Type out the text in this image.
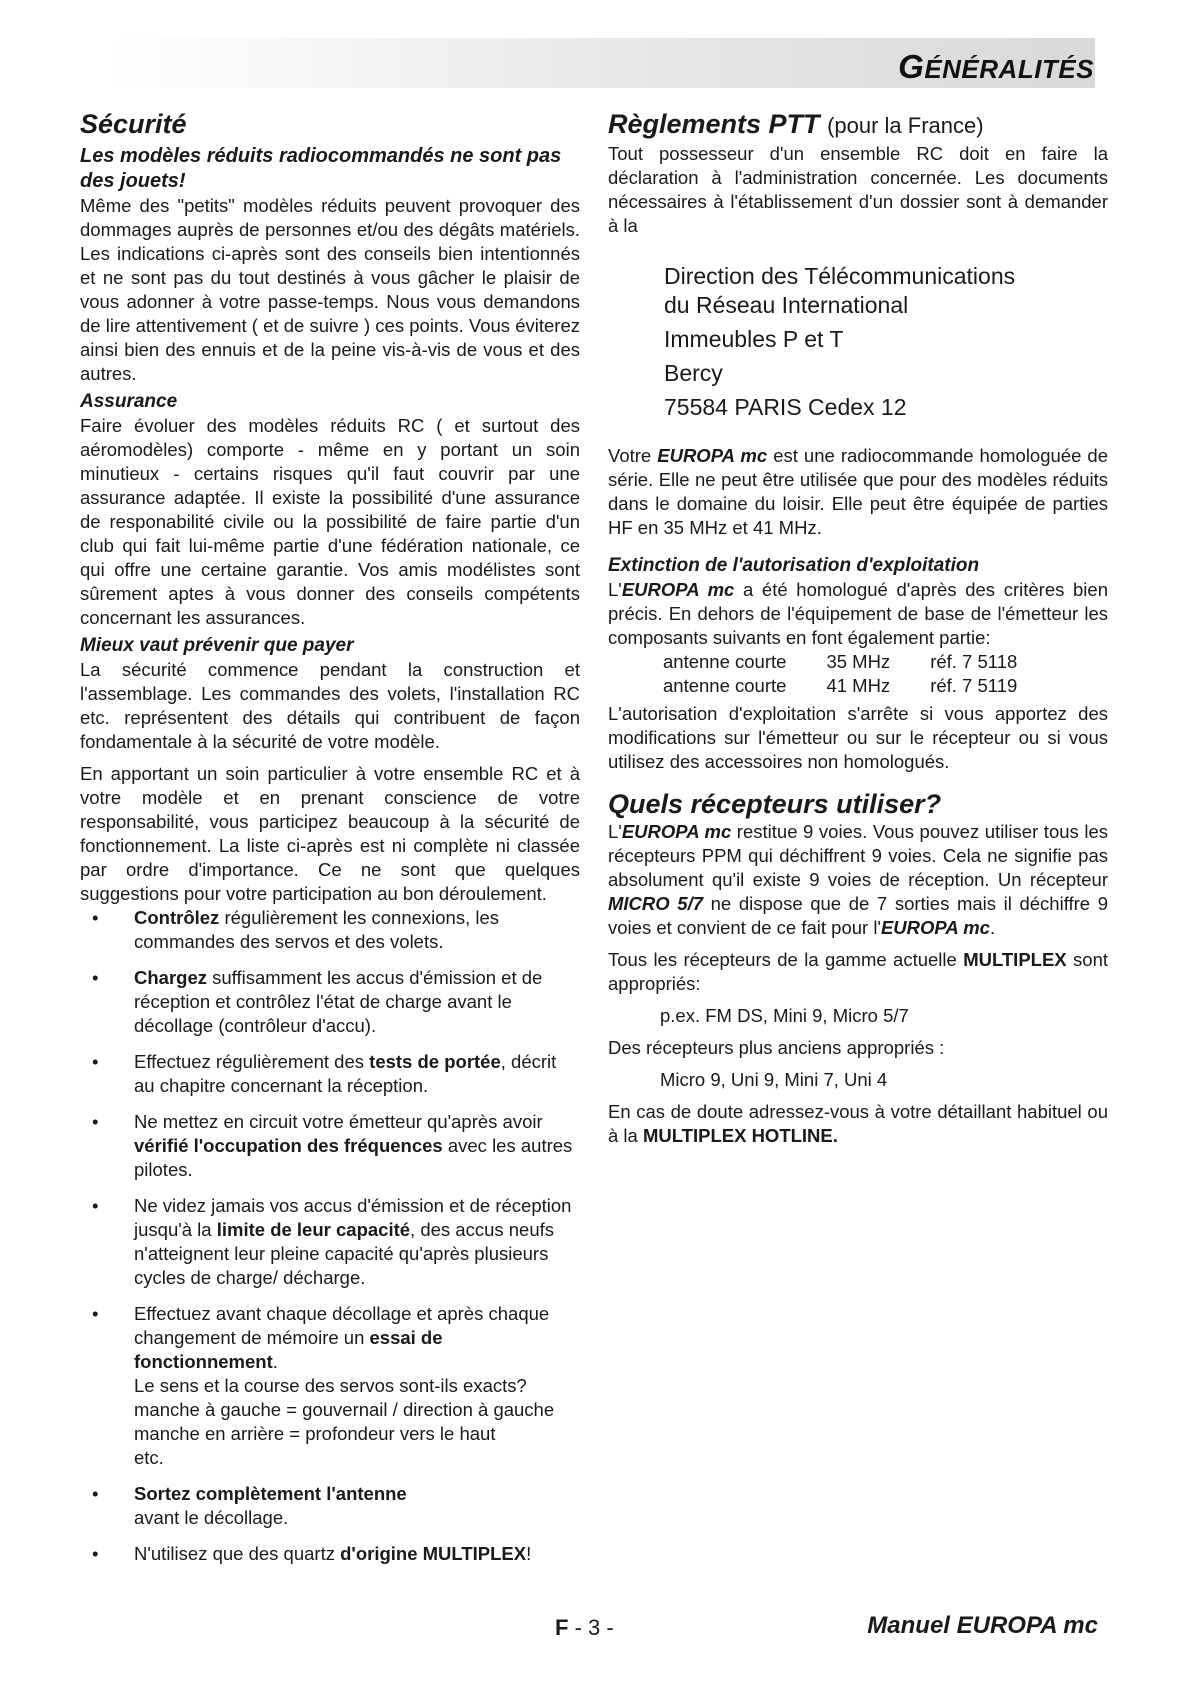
GÉNÉRALITÉS
Sécurité
Les modèles réduits radiocommandés ne sont pas des jouets!

Même des "petits" modèles réduits peuvent provoquer des dommages auprès de personnes et/ou des dégâts matériels. Les indications ci-après sont des conseils bien intentionnés et ne sont pas du tout destinés à vous gâcher le plaisir de vous adonner à votre passe-temps. Nous vous demandons de lire attentivement ( et de suivre ) ces points. Vous éviterez ainsi bien des ennuis et de la peine vis-à-vis de vous et des autres.

Assurance

Faire évoluer des modèles réduits RC ( et surtout des aéromodèles) comporte - même en y portant un soin minutieux - certains risques qu'il faut couvrir par une assurance adaptée. Il existe la possibilité d'une assurance de responabilité civile ou la possibilité de faire partie d'un club qui fait lui-même partie d'une fédération nationale, ce qui offre une certaine garantie. Vos amis modélistes sont sûrement aptes à vous donner des conseils compétents concernant les assurances.

Mieux vaut prévenir que payer

La sécurité commence pendant la construction et l'assemblage. Les commandes des volets, l'installation RC etc. représentent des détails qui contribuent de façon fondamentale à la sécurité de votre modèle.

En apportant un soin particulier à votre ensemble RC et à votre modèle et en prenant conscience de votre responsabilité, vous participez beaucoup à la sécurité de fonctionnement. La liste ci-après est ni complète ni classée par ordre d'importance. Ce ne sont que quelques suggestions pour votre participation au bon déroulement.

• Contrôlez régulièrement les connexions, les commandes des servos et des volets.
• Chargez suffisamment les accus d'émission et de réception et contrôlez l'état de charge avant le décollage (contrôleur d'accu).
• Effectuez régulièrement des tests de portée, décrit au chapitre concernant la réception.
• Ne mettez en circuit votre émetteur qu'après avoir vérifié l'occupation des fréquences avec les autres pilotes.
• Ne videz jamais vos accus d'émission et de réception jusqu'à la limite de leur capacité, des accus neufs n'atteignent leur pleine capacité qu'après plusieurs cycles de charge/ décharge.
• Effectuez avant chaque décollage et après chaque changement de mémoire un essai de fonctionnement.
Le sens et la course des servos sont-ils exacts?
manche à gauche = gouvernail / direction à gauche
manche en arrière = profondeur vers le haut
etc.
• Sortez complètement l'antenne
avant le décollage.
• N'utilisez que des quartz d'origine MULTIPLEX!
Règlements PTT (pour la France)

Tout possesseur d'un ensemble RC doit en faire la déclaration à l'administration concernée. Les documents nécessaires à l'établissement d'un dossier sont à demander à la

Direction des Télécommunications
du Réseau International
Immeubles P et T
Bercy
75584 PARIS Cedex 12

Votre EUROPA mc est une radiocommande homologuée de série. Elle ne peut être utilisée que pour des modèles réduits dans le domaine du loisir. Elle peut être équipée de parties HF en 35 MHz et 41 MHz.

Extinction de l'autorisation d'exploitation

L'EUROPA mc a été homologué d'après des critères bien précis. En dehors de l'équipement de base de l'émetteur les composants suivants en font également partie:

antenne courte	35 MHz	réf. 7 5118
antenne courte	41 MHz	réf. 7 5119

L'autorisation d'exploitation s'arrête si vous apportez des modifications sur l'émetteur ou sur le récepteur ou si vous utilisez des accessoires non homologués.

Quels récepteurs utiliser?

L'EUROPA mc restitue 9 voies. Vous pouvez utiliser tous les récepteurs PPM qui déchiffrent 9 voies. Cela ne signifie pas absolument qu'il existe 9 voies de réception. Un récepteur MICRO 5/7 ne dispose que de 7 sorties mais il déchiffre 9 voies et convient de ce fait pour l'EUROPA mc.

Tous les récepteurs de la gamme actuelle MULTIPLEX sont appropriés:

p.ex. FM DS, Mini 9, Micro 5/7

Des récepteurs plus anciens appropriés :

Micro 9, Uni 9, Mini 7, Uni 4

En cas de doute adressez-vous à votre détaillant habituel ou à la MULTIPLEX HOTLINE.

F - 3 -	Manuel EUROPA mc
